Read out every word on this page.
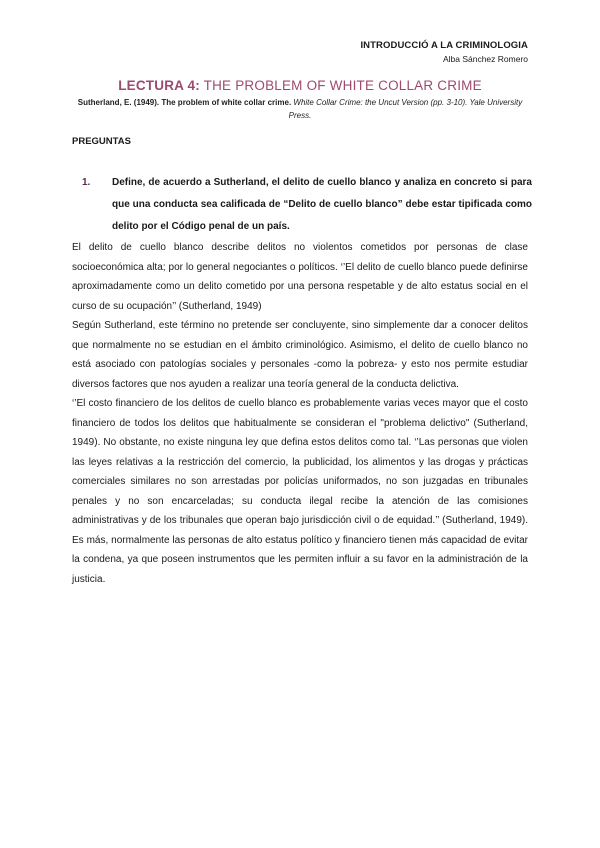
INTRODUCCIÓ A LA CRIMINOLOGIA
Alba Sánchez Romero
LECTURA 4: THE PROBLEM OF WHITE COLLAR CRIME
Sutherland, E. (1949). The problem of white collar crime. White Collar Crime: the Uncut Version (pp. 3-10). Yale University Press.
PREGUNTAS
1. Define, de acuerdo a Sutherland, el delito de cuello blanco y analiza en concreto si para que una conducta sea calificada de “Delito de cuello blanco” debe estar tipificada como delito por el Código penal de un país.

El delito de cuello blanco describe delitos no violentos cometidos por personas de clase socioeconómica alta; por lo general negociantes o políticos. ‘’El delito de cuello blanco puede definirse aproximadamente como un delito cometido por una persona respetable y de alto estatus social en el curso de su ocupación’’ (Sutherland, 1949)

Según Sutherland, este término no pretende ser concluyente, sino simplemente dar a conocer delitos que normalmente no se estudian en el ámbito criminológico. Asimismo, el delito de cuello blanco no está asociado con patologías sociales y personales -como la pobreza- y esto nos permite estudiar diversos factores que nos ayuden a realizar una teoría general de la conducta delictiva.

‘’El costo financiero de los delitos de cuello blanco es probablemente varias veces mayor que el costo financiero de todos los delitos que habitualmente se consideran el "problema delictivo" (Sutherland, 1949). No obstante, no existe ninguna ley que defina estos delitos como tal. ‘’Las personas que violen las leyes relativas a la restricción del comercio, la publicidad, los alimentos y las drogas y prácticas comerciales similares no son arrestadas por policías uniformados, no son juzgadas en tribunales penales y no son encarceladas; su conducta ilegal recibe la atención de las comisiones administrativas y de los tribunales que operan bajo jurisdicción civil o de equidad.’’ (Sutherland, 1949). Es más, normalmente las personas de alto estatus político y financiero tienen más capacidad de evitar la condena, ya que poseen instrumentos que les permiten influir a su favor en la administración de la justicia.
